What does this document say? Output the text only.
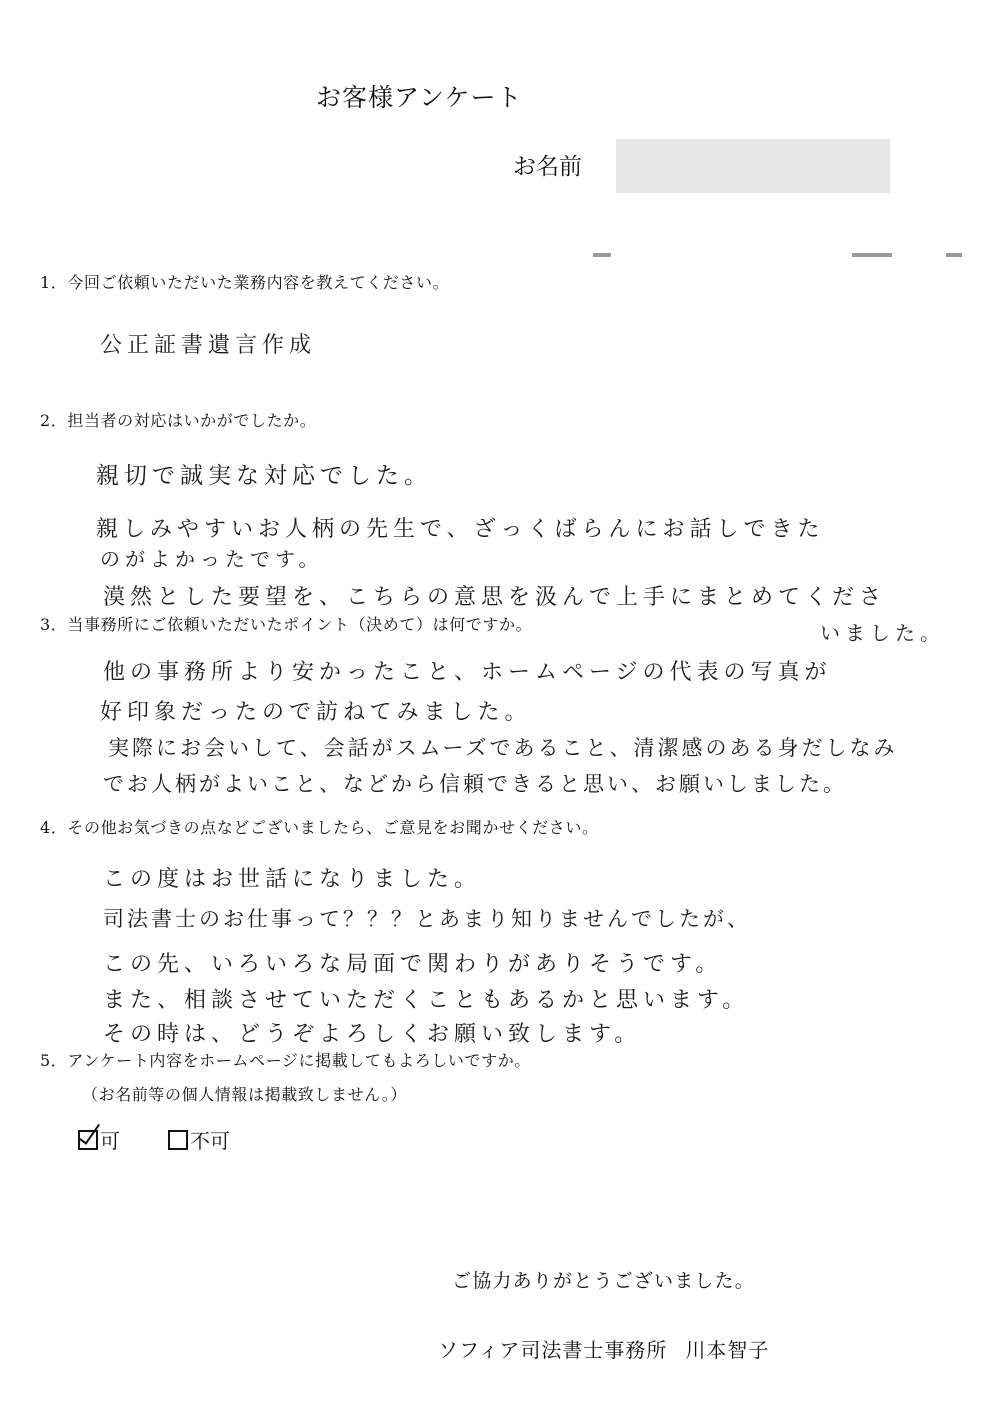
お客様アンケート
お名前
1．今回ご依頼いただいた業務内容を教えてください。
公正証書遺言作成
2．担当者の対応はいかがでしたか。
親切で誠実な対応でした。
親しみやすいお人柄の先生で、ざっくばらんにお話しできた
のがよかったです。
漠然とした要望を、こちらの意思を汲んで上手にまとめてくださ
いました。
3．当事務所にご依頼いただいたポイント（決めて）は何ですか。
他の事務所より安かったこと、ホームページの代表の写真が
好印象だったので訪ねてみました。
実際にお会いして、会話がスムーズであること、清潔感のある身だしなみ
でお人柄がよいこと、などから信頼できると思い、お願いしました。
4．その他お気づきの点などございましたら、ご意見をお聞かせください。
この度はお世話になりました。
司法書士のお仕事って？？？とあまり知りませんでしたが、
この先、いろいろな局面で関わりがありそうです。
また、相談させていただくこともあるかと思います。
その時は、どうぞよろしくお願い致します。
5．アンケート内容をホームページに掲載してもよろしいですか。
（お名前等の個人情報は掲載致しません。）
可	不可
ご協力ありがとうございました。
ソフィア司法書士事務所 川本智子
